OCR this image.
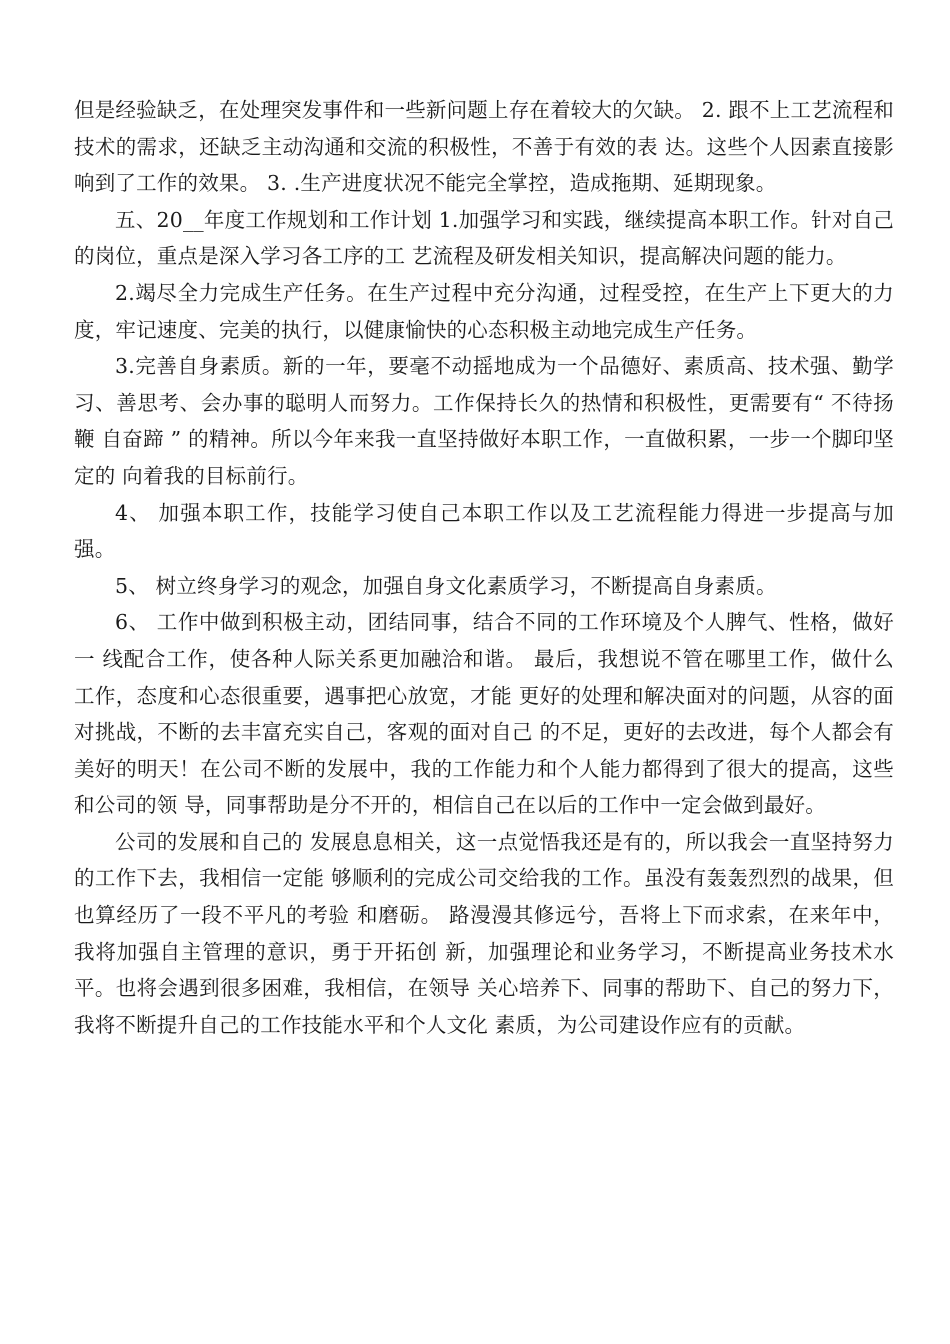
但是经验缺乏，在处理突发事件和一些新问题上存在着较大的欠缺。 2. 跟不上工艺流程和技术的需求，还缺乏主动沟通和交流的积极性，不善于有效的表 达。这些个人因素直接影响到了工作的效果。 3. .生产进度状况不能完全掌控，造成拖期、延期现象。

五、20__年度工作规划和工作计划 1.加强学习和实践，继续提高本职工作。针对自己的岗位，重点是深入学习各工序的工 艺流程及研发相关知识，提高解决问题的能力。

2.竭尽全力完成生产任务。在生产过程中充分沟通，过程受控，在生产上下更大的力 度，牢记速度、完美的执行，以健康愉快的心态积极主动地完成生产任务。

3.完善自身素质。新的一年，要毫不动摇地成为一个品德好、素质高、技术强、勤学 习、善思考、会办事的聪明人而努力。工作保持长久的热情和积极性，更需要有“ 不待扬鞭 自奋蹄 ” 的精神。所以今年来我一直坚持做好本职工作，一直做积累，一步一个脚印坚定的 向着我的目标前行。

4、 加强本职工作，技能学习使自己本职工作以及工艺流程能力得进一步提高与加强。

5、 树立终身学习的观念，加强自身文化素质学习，不断提高自身素质。

6、 工作中做到积极主动，团结同事，结合不同的工作环境及个人脾气、性格，做好一 线配合工作，使各种人际关系更加融洽和谐。 最后，我想说不管在哪里工作，做什么工作，态度和心态很重要，遇事把心放宽，才能 更好的处理和解决面对的问题，从容的面对挑战，不断的去丰富充实自己，客观的面对自己 的不足，更好的去改进，每个人都会有美好的明天！在公司不断的发展中，我的工作能力和个人能力都得到了很大的提高，这些和公司的领 导，同事帮助是分不开的，相信自己在以后的工作中一定会做到最好。

公司的发展和自己的 发展息息相关，这一点觉悟我还是有的，所以我会一直坚持努力的工作下去，我相信一定能 够顺利的完成公司交给我的工作。虽没有轰轰烈烈的战果，但也算经历了一段不平凡的考验 和磨砺。 路漫漫其修远兮，吾将上下而求索，在来年中，我将加强自主管理的意识，勇于开拓创 新，加强理论和业务学习，不断提高业务技术水平。也将会遇到很多困难，我相信，在领导 关心培养下、同事的帮助下、自己的努力下，我将不断提升自己的工作技能水平和个人文化 素质，为公司建设作应有的贡献。
